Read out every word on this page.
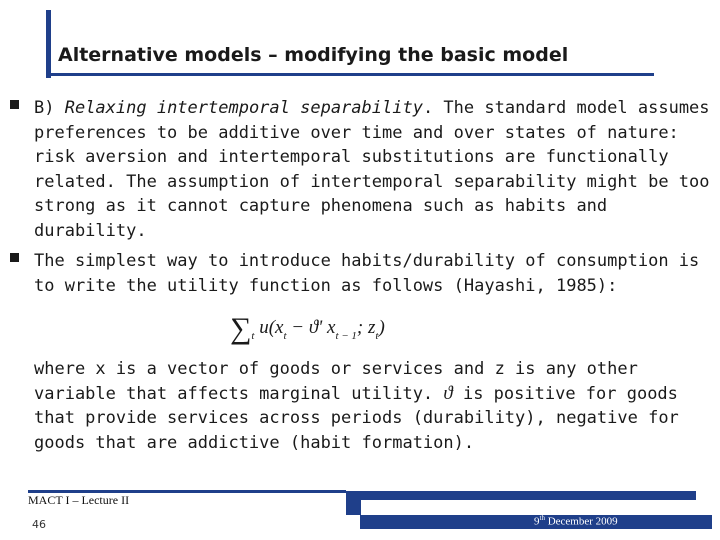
Alternative models – modifying the basic model

B) Relaxing intertemporal separability. The standard model assumes preferences to be additive over time and over states of nature: risk aversion and intertemporal substitutions are functionally related. The assumption of intertemporal separability might be too strong as it cannot capture phenomena such as habits and durability.

The simplest way to introduce habits/durability of consumption is to write the utility function as follows (Hayashi, 1985):

$\sum_t$ $u(x_t - ϑ'$ $x_{t - 1}$; $z_t$)

where x is a vector of goods or services and z is any other variable that affects marginal utility. ϑ is positive for goods that provide services across periods (durability), negative for goods that are addictive (habit formation).

MACT I – Lecture II

46	9th December 2009
